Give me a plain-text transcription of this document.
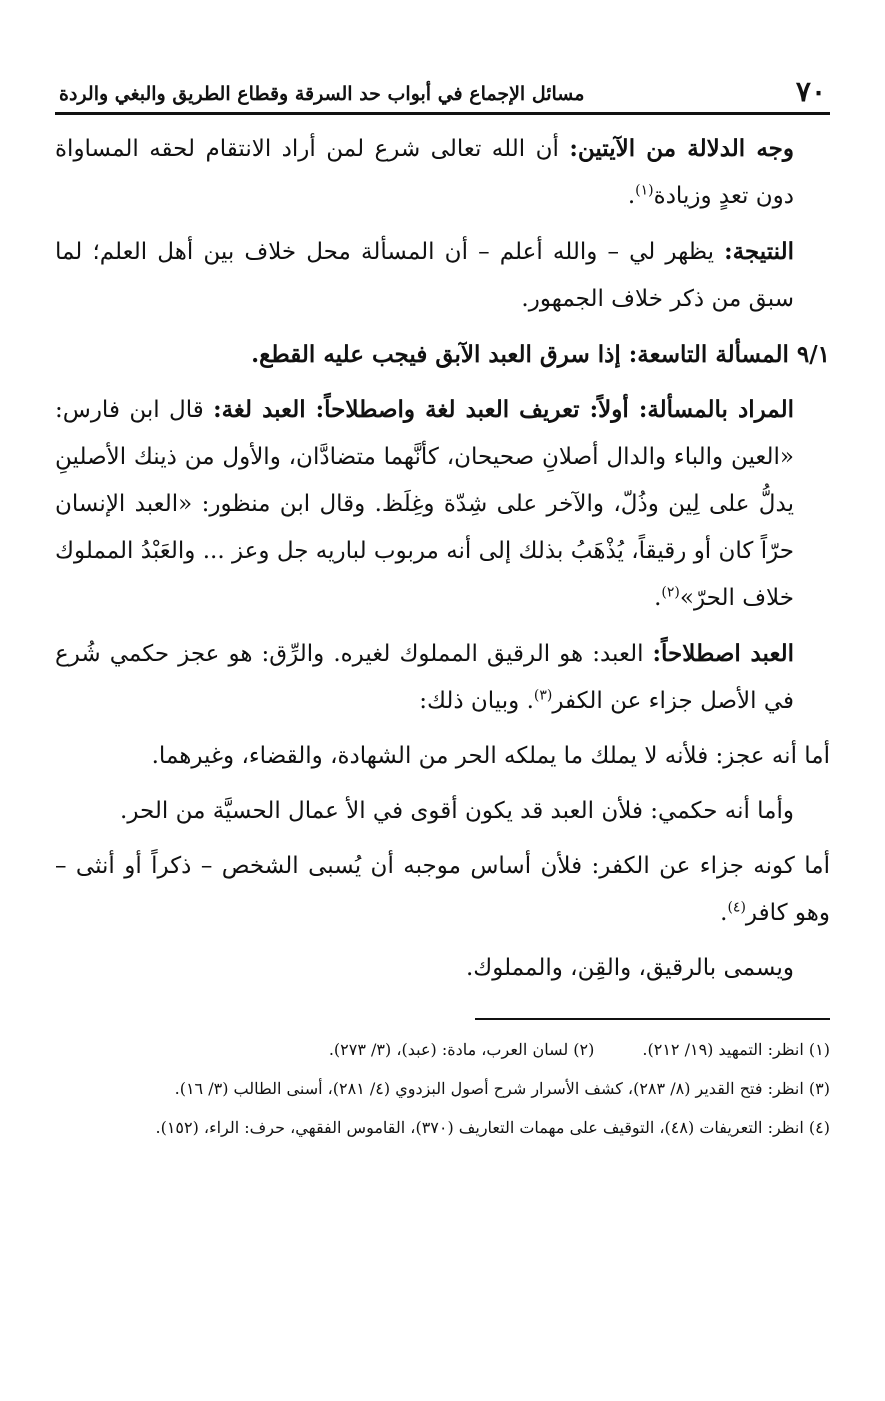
٧٠
مسائل الإجماع في أبواب حد السرقة وقطاع الطريق والبغي والردة

وجه الدلالة من الآيتين: أن الله تعالى شرع لمن أراد الانتقام لحقه المساواة دون تعدٍ وزيادة$^{(١)}$.

النتيجة: يظهر لي – والله أعلم – أن المسألة محل خلاف بين أهل العلم؛ لما سبق من ذكر خلاف الجمهور.

٩/١ المسألة التاسعة: إذا سرق العبد الآبق فيجب عليه القطع.

المراد بالمسألة: أولاً: تعريف العبد لغة واصطلاحاً: العبد لغة: قال ابن فارس: «العين والباء والدال أصلانِ صحيحان، كأنَّهما متضادَّان، والأول من ذينك الأصلينِ يدلُّ على لِين وذُلّ، والآخر على شِدّة وغِلَظ. وقال ابن منظور: «العبد الإنسان حرّاً كان أو رقيقاً، يُذْهَبُ بذلك إلى أنه مربوب لباريه جل وعز ... والعَبْدُ المملوك خلاف الحرّ»$^{(٢)}$.

العبد اصطلاحاً: العبد: هو الرقيق المملوك لغيره. والرِّق: هو عجز حكمي شُرع في الأصل جزاء عن الكفر$^{(٣)}$. وبيان ذلك:

أما أنه عجز: فلأنه لا يملك ما يملكه الحر من الشهادة، والقضاء، وغيرهما.

وأما أنه حكمي: فلأن العبد قد يكون أقوى في الأ عمال الحسيَّة من الحر.

أما كونه جزاء عن الكفر: فلأن أساس موجبه أن يُسبى الشخص – ذكراً أو أنثى – وهو كافر$^{(٤)}$.

ويسمى بالرقيق، والقِن، والمملوك.

(١) انظر: التمهيد (١٩/ ٢١٢).
(٢) لسان العرب، مادة: (عبد)، (٣/ ٢٧٣).

(٣) انظر: فتح القدير (٨/ ٢٨٣)، كشف الأسرار شرح أصول البزدوي (٤/ ٢٨١)، أسنى الطالب (٣/ ١٦).

(٤) انظر: التعريفات (٤٨)، التوقيف على مهمات التعاريف (٣٧٠)، القاموس الفقهي، حرف: الراء، (١٥٢).
